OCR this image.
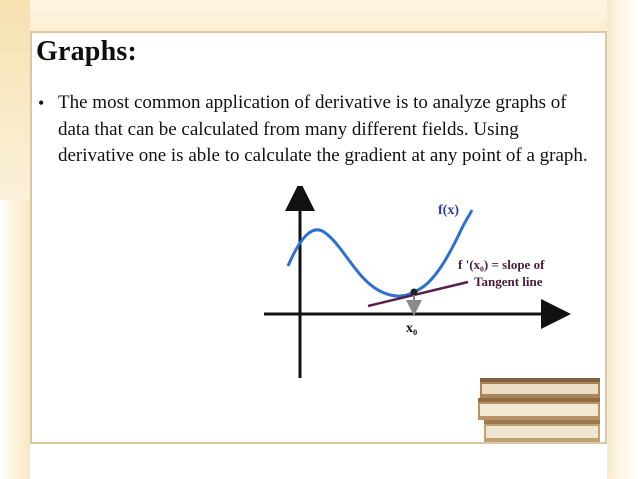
Graphs:
• The most common application of derivative is to analyze graphs of data that can be calculated from many different fields. Using derivative one is able to calculate the gradient at any point of a graph.
f(x)
f '(x₀) = slope of
Tangent line
x₀
